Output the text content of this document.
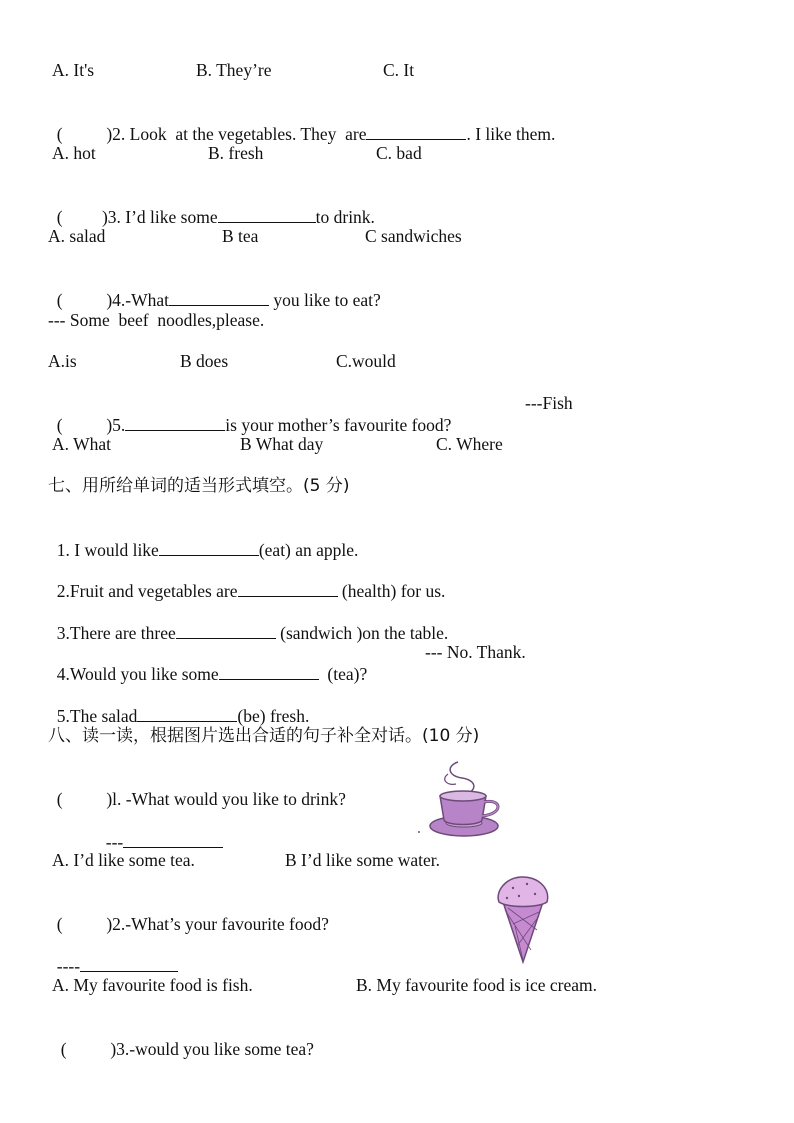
A. It's	B. They’re	C. It

(          )2. Look  at the vegetables. They  are	. I like them.

A. hot	B. fresh	C. bad

(         )3. I’d like some	to drink.

A. salad	B tea	C sandwiches

(          )4.-What	you like to eat?

--- Some  beef  noodles,please.
A.is	B does	C.would

(          )5.	is your mother’s favourite food?

---Fish
A. What	B What day	C. Where
七、用所给单词的适当形式填空。(5 分)

1. I would like	(eat) an apple.

2.Fruit and vegetables are	(health) for us.

3.There are three	(sandwich )on the table.

4.Would you like some	(tea)?

--- No. Thank.

5.The salad	(be) fresh.

八、读一读，根据图片选出合适的句子补全对话。(10 分)

(          )l. -What would you like to drink?

---

A. I’d like some tea.	B I’d like some water.

(          )2.-What’s your favourite food?

----

A. My favourite food is fish.	B. My favourite food is ice cream.

(          )3.-would you like some tea?
